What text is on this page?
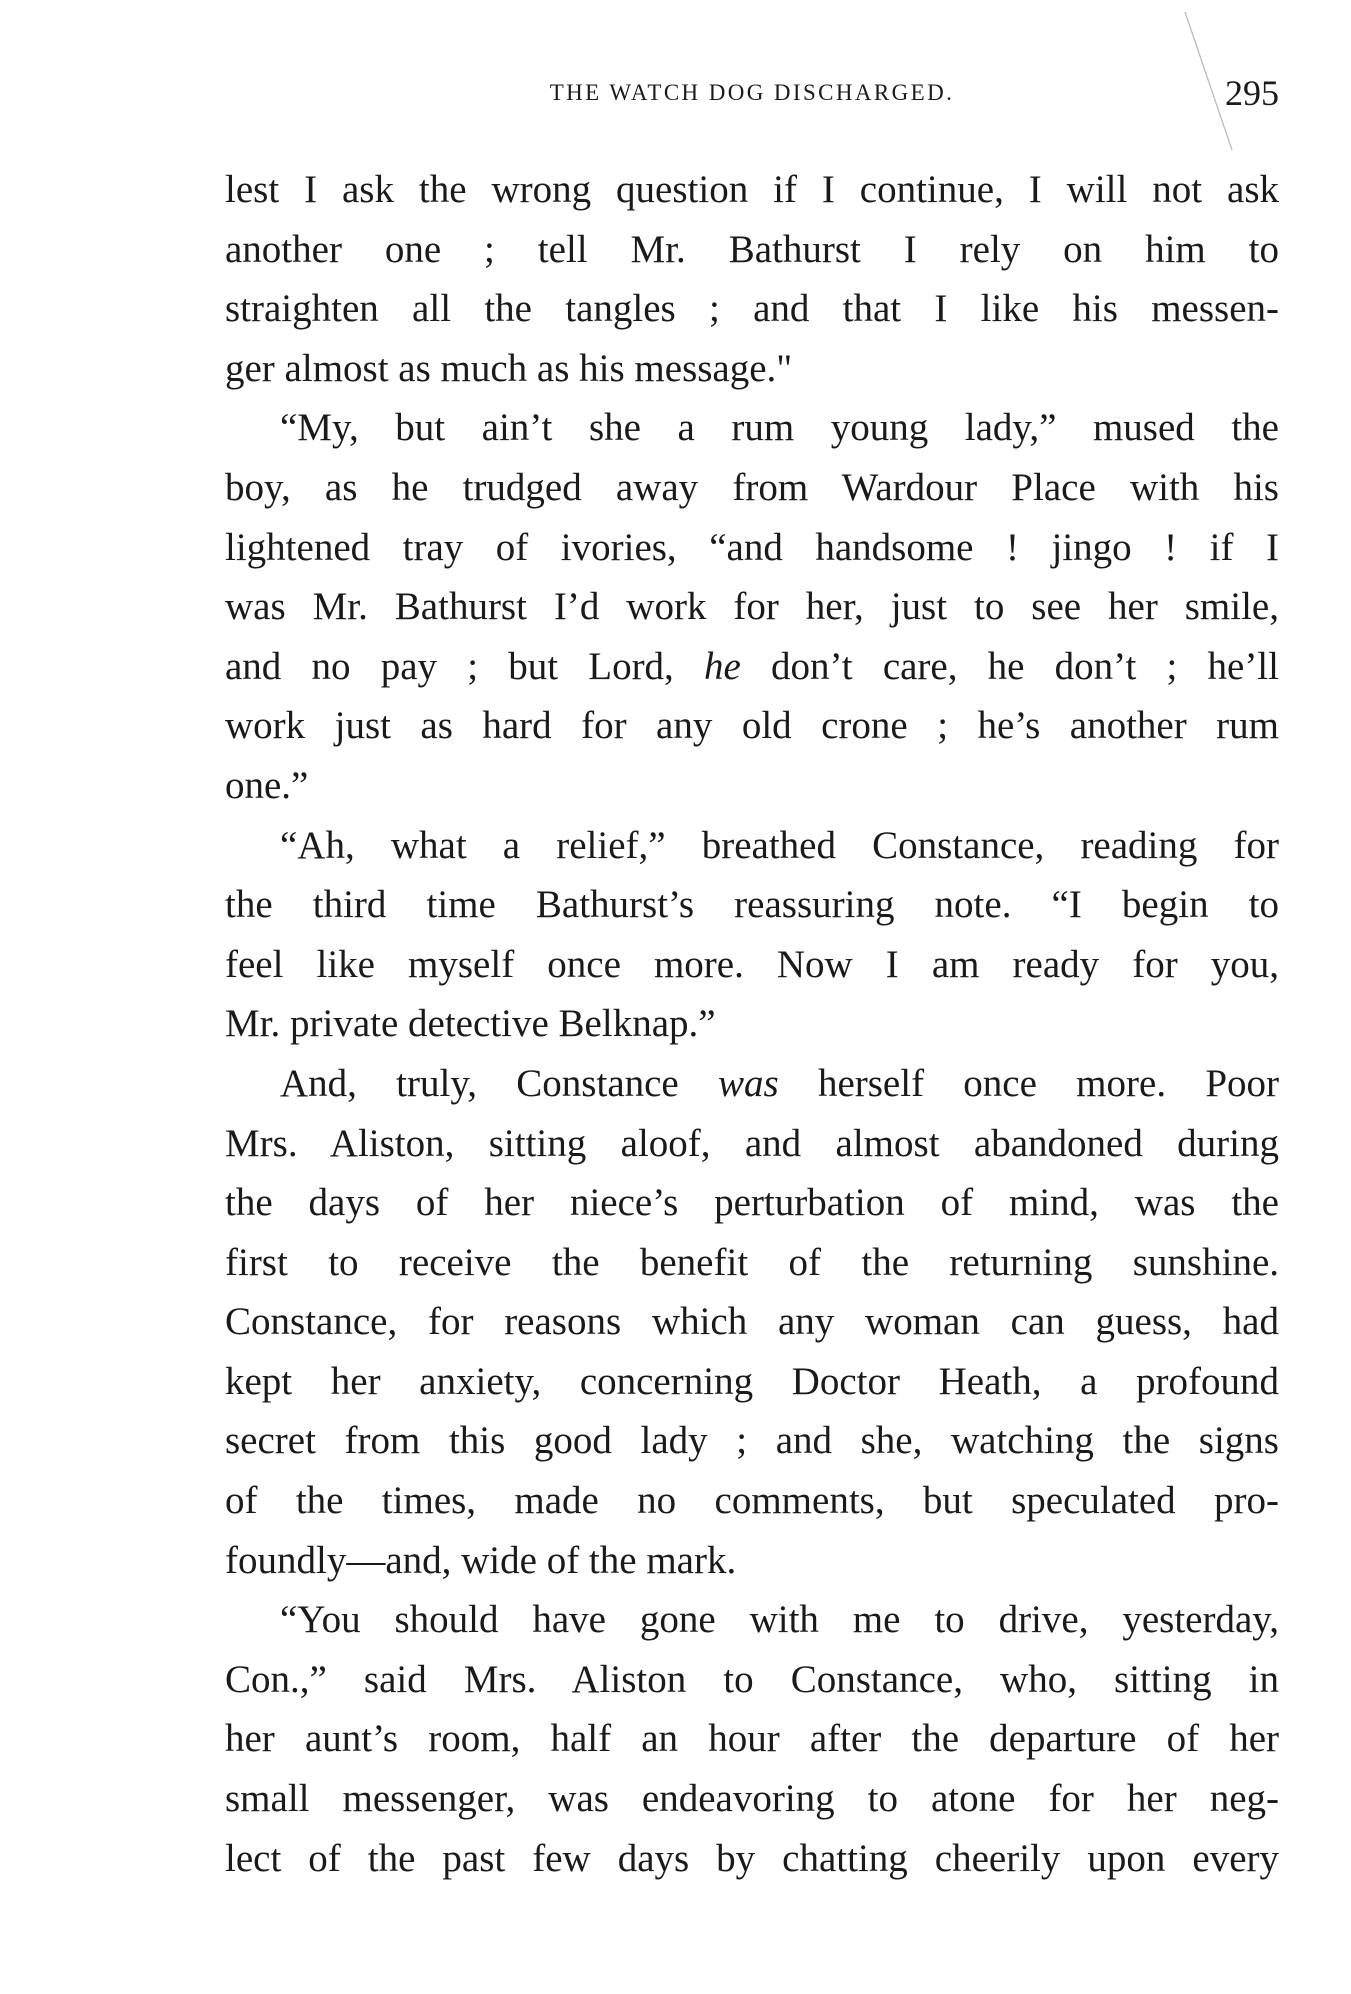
THE WATCH DOG DISCHARGED.	295
lest I ask the wrong question if I continue, I will not ask
another one ; tell Mr. Bathurst I rely on him to
straighten all the tangles ; and that I like his messen-
ger almost as much as his message."
“My, but ain’t she a rum young lady,” mused the
boy, as he trudged away from Wardour Place with his
lightened tray of ivories, “and handsome ! jingo ! if I
was Mr. Bathurst I’d work for her, just to see her smile,
and no pay ; but Lord, he don’t care, he don’t ; he’ll
work just as hard for any old crone ; he’s another rum
one.”
“Ah, what a relief,” breathed Constance, reading for
the third time Bathurst’s reassuring note. “I begin to
feel like myself once more. Now I am ready for you,
Mr. private detective Belknap.”
And, truly, Constance was herself once more. Poor
Mrs. Aliston, sitting aloof, and almost abandoned during
the days of her niece’s perturbation of mind, was the
first to receive the benefit of the returning sunshine.
Constance, for reasons which any woman can guess, had
kept her anxiety, concerning Doctor Heath, a profound
secret from this good lady ; and she, watching the signs
of the times, made no comments, but speculated pro-
foundly—and, wide of the mark.
“You should have gone with me to drive, yesterday,
Con.,” said Mrs. Aliston to Constance, who, sitting in
her aunt’s room, half an hour after the departure of her
small messenger, was endeavoring to atone for her neg-
lect of the past few days by chatting cheerily upon every
